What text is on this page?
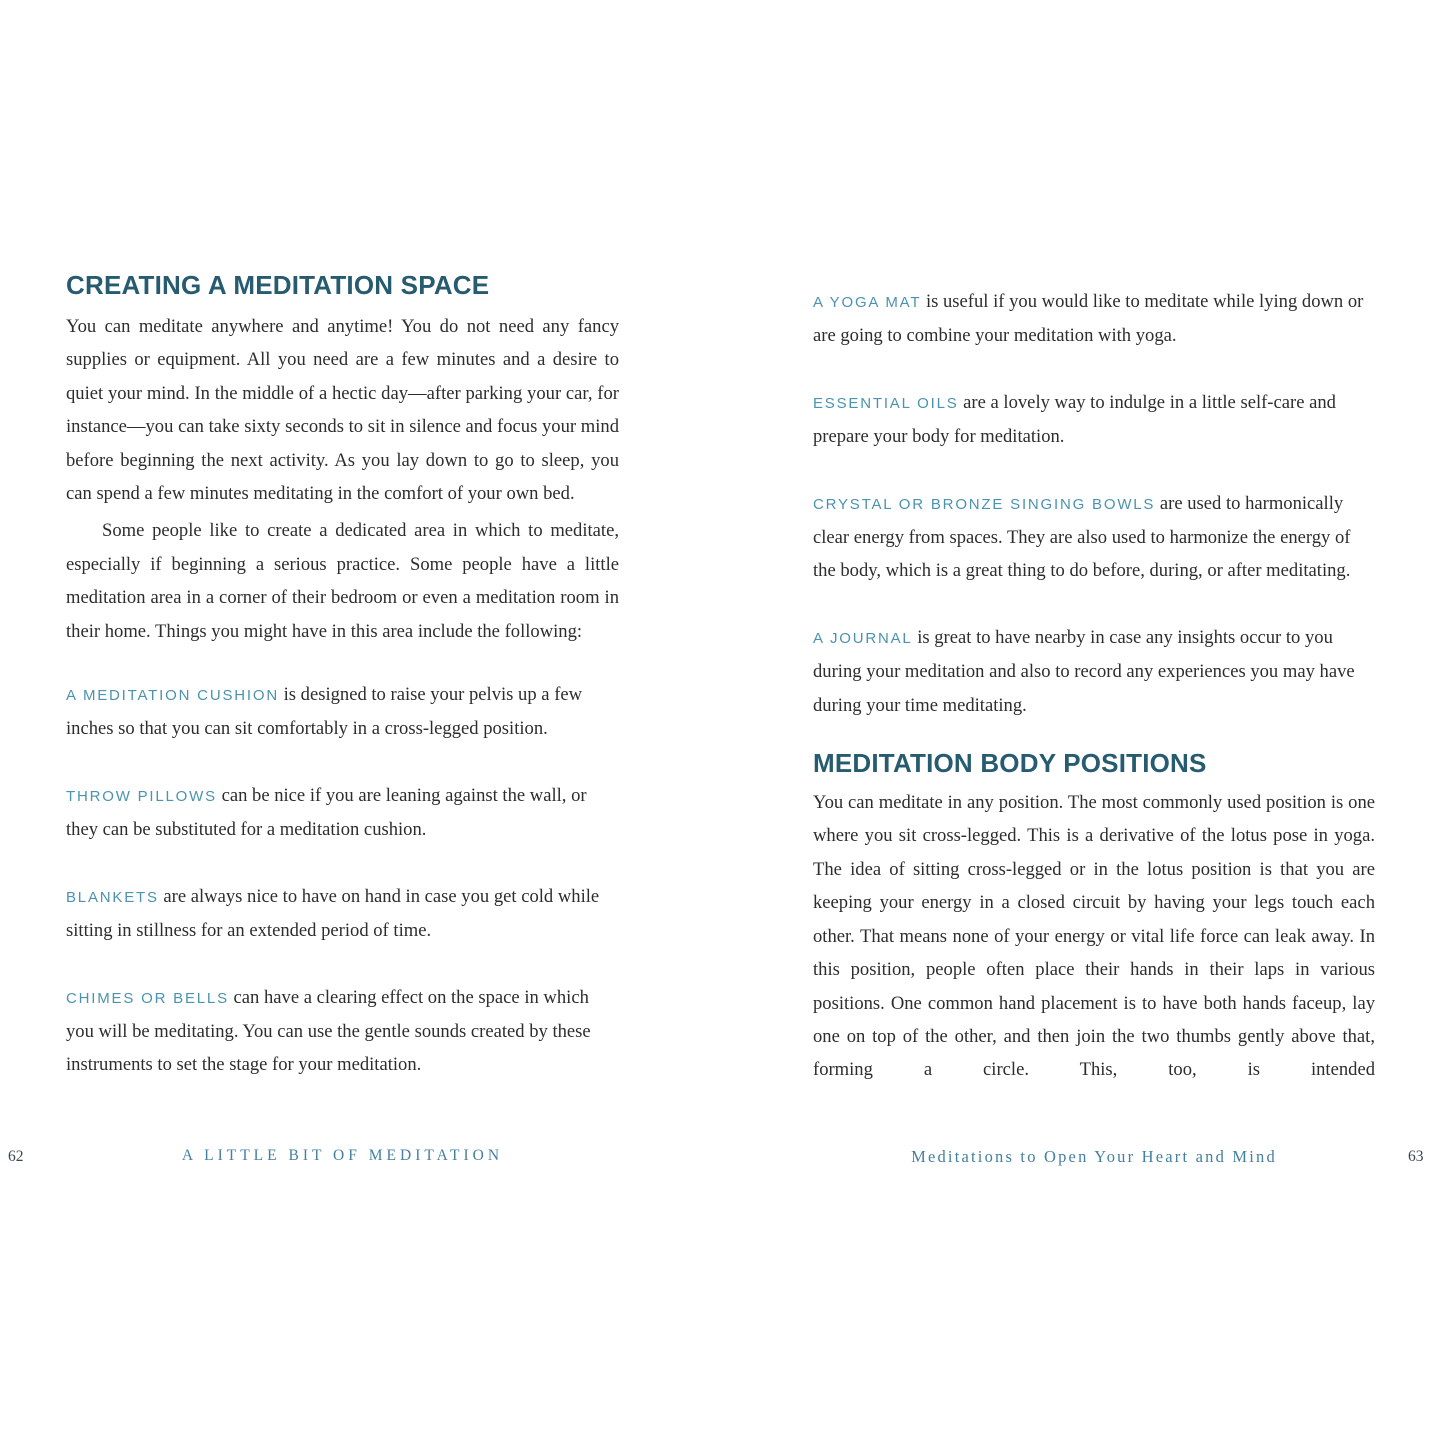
CREATING A MEDITATION SPACE

You can meditate anywhere and anytime! You do not need any fancy supplies or equipment. All you need are a few minutes and a desire to quiet your mind. In the middle of a hectic day—after parking your car, for instance—you can take sixty seconds to sit in silence and focus your mind before beginning the next activity. As you lay down to go to sleep, you can spend a few minutes meditating in the comfort of your own bed.

Some people like to create a dedicated area in which to meditate, especially if beginning a serious practice. Some people have a little meditation area in a corner of their bedroom or even a meditation room in their home. Things you might have in this area include the following:

A MEDITATION CUSHION is designed to raise your pelvis up a few inches so that you can sit comfortably in a cross-legged position.

THROW PILLOWS can be nice if you are leaning against the wall, or they can be substituted for a meditation cushion.

BLANKETS are always nice to have on hand in case you get cold while sitting in stillness for an extended period of time.

CHIMES OR BELLS can have a clearing effect on the space in which you will be meditating. You can use the gentle sounds created by these instruments to set the stage for your meditation.

A YOGA MAT is useful if you would like to meditate while lying down or are going to combine your meditation with yoga.

ESSENTIAL OILS are a lovely way to indulge in a little self-care and prepare your body for meditation.

CRYSTAL OR BRONZE SINGING BOWLS are used to harmonically clear energy from spaces. They are also used to harmonize the energy of the body, which is a great thing to do before, during, or after meditating.

A JOURNAL is great to have nearby in case any insights occur to you during your meditation and also to record any experiences you may have during your time meditating.

MEDITATION BODY POSITIONS

You can meditate in any position. The most commonly used position is one where you sit cross-legged. This is a derivative of the lotus pose in yoga. The idea of sitting cross-legged or in the lotus position is that you are keeping your energy in a closed circuit by having your legs touch each other. That means none of your energy or vital life force can leak away. In this position, people often place their hands in their laps in various positions. One common hand placement is to have both hands faceup, lay one on top of the other, and then join the two thumbs gently above that, forming a circle. This, too, is intended

62	A LITTLE BIT OF MEDITATION	Meditations to Open Your Heart and Mind	63
